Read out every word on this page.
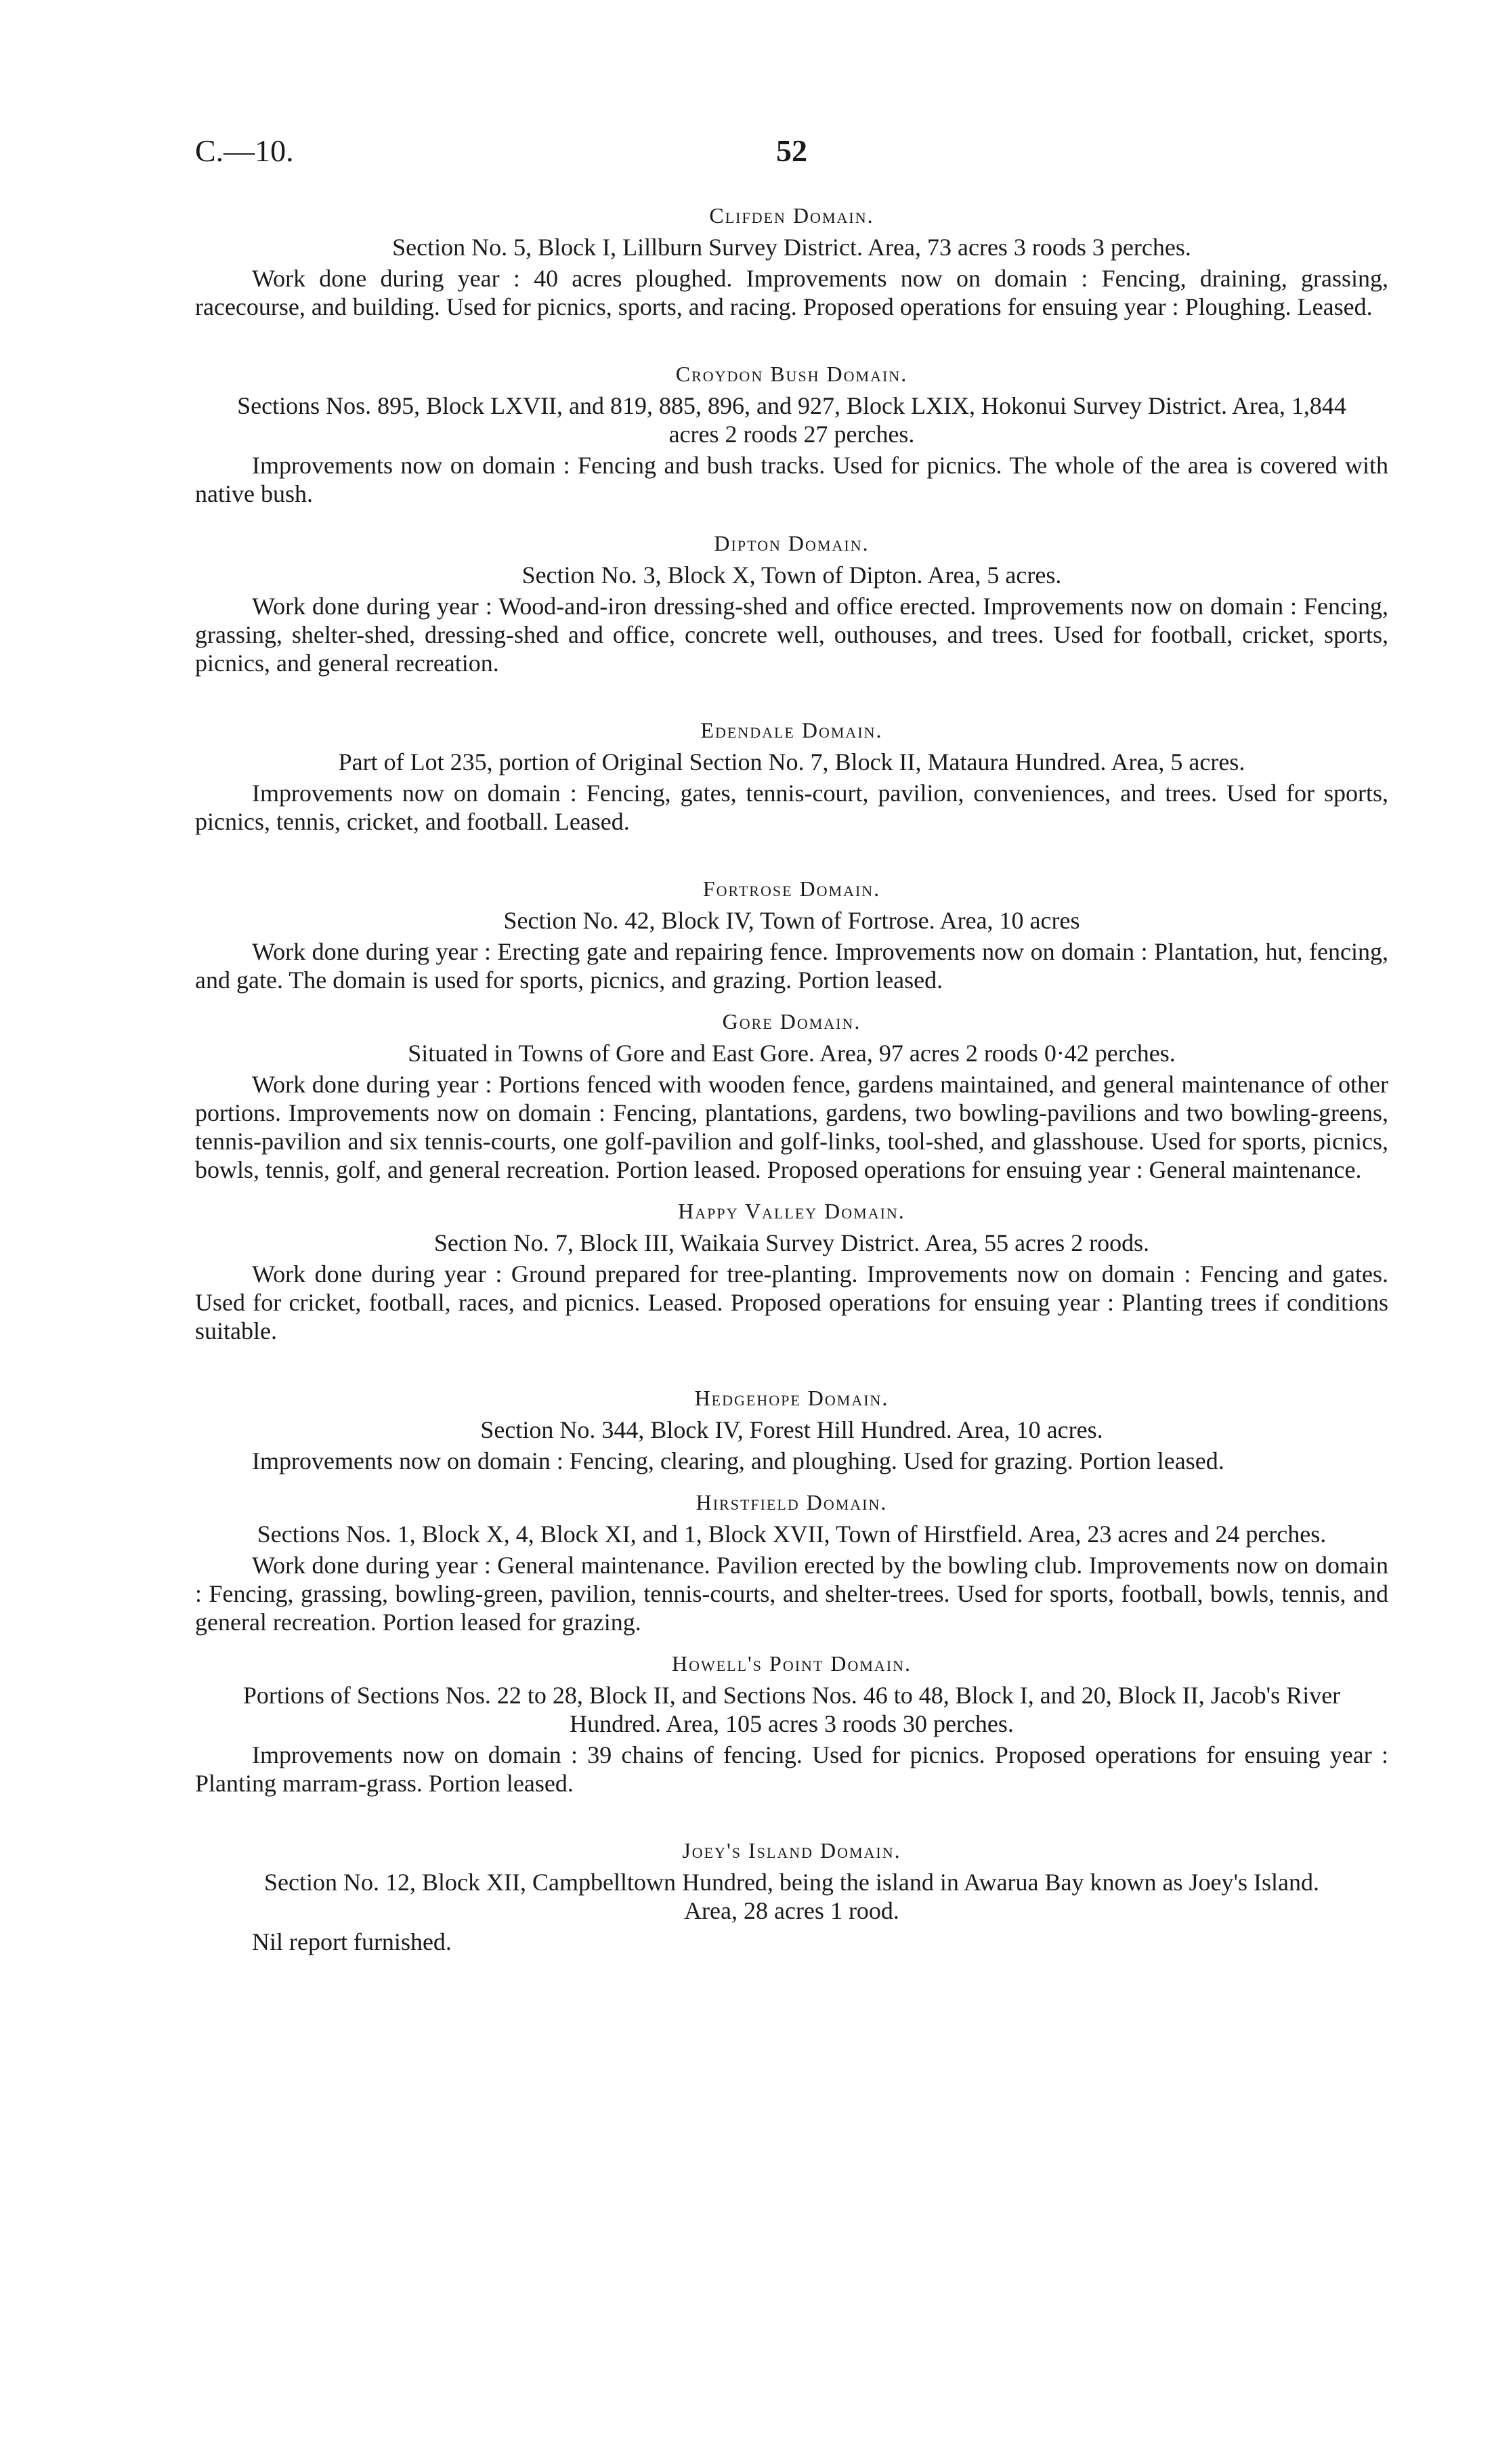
C.—10.	52
Clifden Domain.
Section No. 5, Block I, Lillburn Survey District. Area, 73 acres 3 roods 3 perches.

Work done during year : 40 acres ploughed. Improvements now on domain : Fencing, draining, grassing, racecourse, and building. Used for picnics, sports, and racing. Proposed operations for ensuing year : Ploughing. Leased.

Croydon Bush Domain.
Sections Nos. 895, Block LXVII, and 819, 885, 896, and 927, Block LXIX, Hokonui Survey District. Area, 1,844 acres 2 roods 27 perches.

Improvements now on domain : Fencing and bush tracks. Used for picnics. The whole of the area is covered with native bush.

Dipton Domain.
Section No. 3, Block X, Town of Dipton. Area, 5 acres.

Work done during year : Wood-and-iron dressing-shed and office erected. Improvements now on domain : Fencing, grassing, shelter-shed, dressing-shed and office, concrete well, outhouses, and trees. Used for football, cricket, sports, picnics, and general recreation.

Edendale Domain.
Part of Lot 235, portion of Original Section No. 7, Block II, Mataura Hundred. Area, 5 acres.

Improvements now on domain : Fencing, gates, tennis-court, pavilion, conveniences, and trees. Used for sports, picnics, tennis, cricket, and football. Leased.

Fortrose Domain.
Section No. 42, Block IV, Town of Fortrose. Area, 10 acres

Work done during year : Erecting gate and repairing fence. Improvements now on domain : Plantation, hut, fencing, and gate. The domain is used for sports, picnics, and grazing. Portion leased.

Gore Domain.
Situated in Towns of Gore and East Gore. Area, 97 acres 2 roods 0·42 perches.

Work done during year : Portions fenced with wooden fence, gardens maintained, and general maintenance of other portions. Improvements now on domain : Fencing, plantations, gardens, two bowling-pavilions and two bowling-greens, tennis-pavilion and six tennis-courts, one golf-pavilion and golf-links, tool-shed, and glasshouse. Used for sports, picnics, bowls, tennis, golf, and general recreation. Portion leased. Proposed operations for ensuing year : General maintenance.

Happy Valley Domain.
Section No. 7, Block III, Waikaia Survey District. Area, 55 acres 2 roods.

Work done during year : Ground prepared for tree-planting. Improvements now on domain : Fencing and gates. Used for cricket, football, races, and picnics. Leased. Proposed operations for ensuing year : Planting trees if conditions suitable.

Hedgehope Domain.
Section No. 344, Block IV, Forest Hill Hundred. Area, 10 acres.

Improvements now on domain : Fencing, clearing, and ploughing. Used for grazing. Portion leased.

Hirstfield Domain.
Sections Nos. 1, Block X, 4, Block XI, and 1, Block XVII, Town of Hirstfield. Area, 23 acres and 24 perches.

Work done during year : General maintenance. Pavilion erected by the bowling club. Improvements now on domain : Fencing, grassing, bowling-green, pavilion, tennis-courts, and shelter-trees. Used for sports, football, bowls, tennis, and general recreation. Portion leased for grazing.

Howell's Point Domain.
Portions of Sections Nos. 22 to 28, Block II, and Sections Nos. 46 to 48, Block I, and 20, Block II, Jacob's River Hundred. Area, 105 acres 3 roods 30 perches.

Improvements now on domain : 39 chains of fencing. Used for picnics. Proposed operations for ensuing year : Planting marram-grass. Portion leased.

Joey's Island Domain.
Section No. 12, Block XII, Campbelltown Hundred, being the island in Awarua Bay known as Joey's Island. Area, 28 acres 1 rood.

Nil report furnished.
